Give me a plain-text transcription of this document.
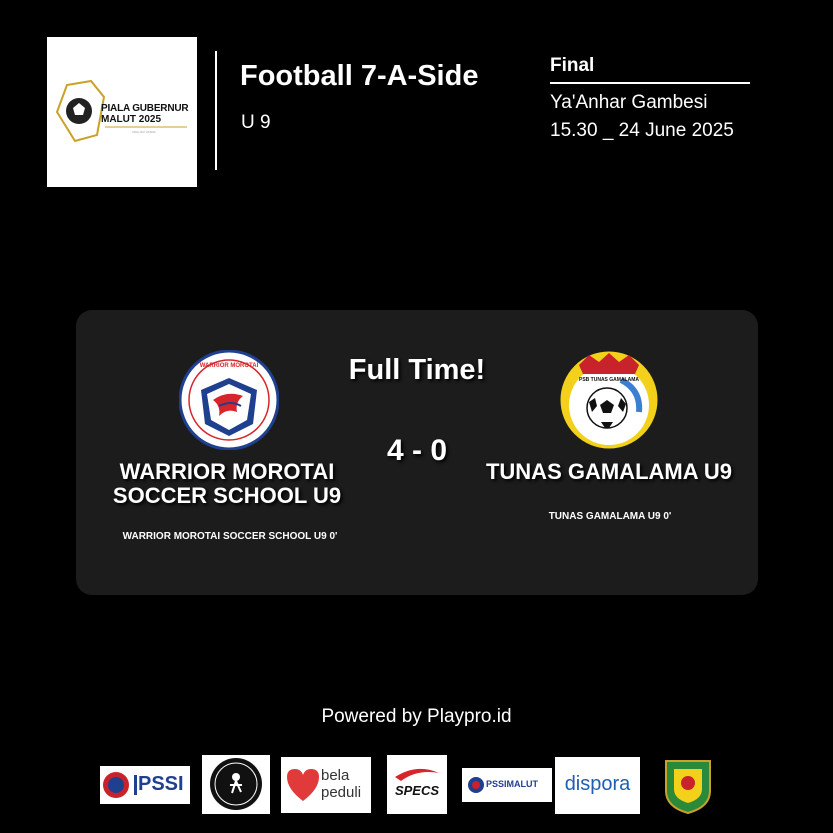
MALUKU UTARA
PIALA GUBERNUR
MALUT 2025
Football 7-A-Side
U 9
Final
Ya'Anhar Gambesi
15.30 _ 24 June 2025
Full Time!
WARRIOR MOROTAI
4 - 0
PSB TUNAS GAMALAMA
WARRIOR MOROTAI SOCCER SCHOOL U9
TUNAS GAMALAMA U9
WARRIOR MOROTAI SOCCER SCHOOL U9 0'
TUNAS GAMALAMA U9 0'
Powered by Playpro.id
PSSI	bela peduli	SPECS	PSSIMALUT	dispora
